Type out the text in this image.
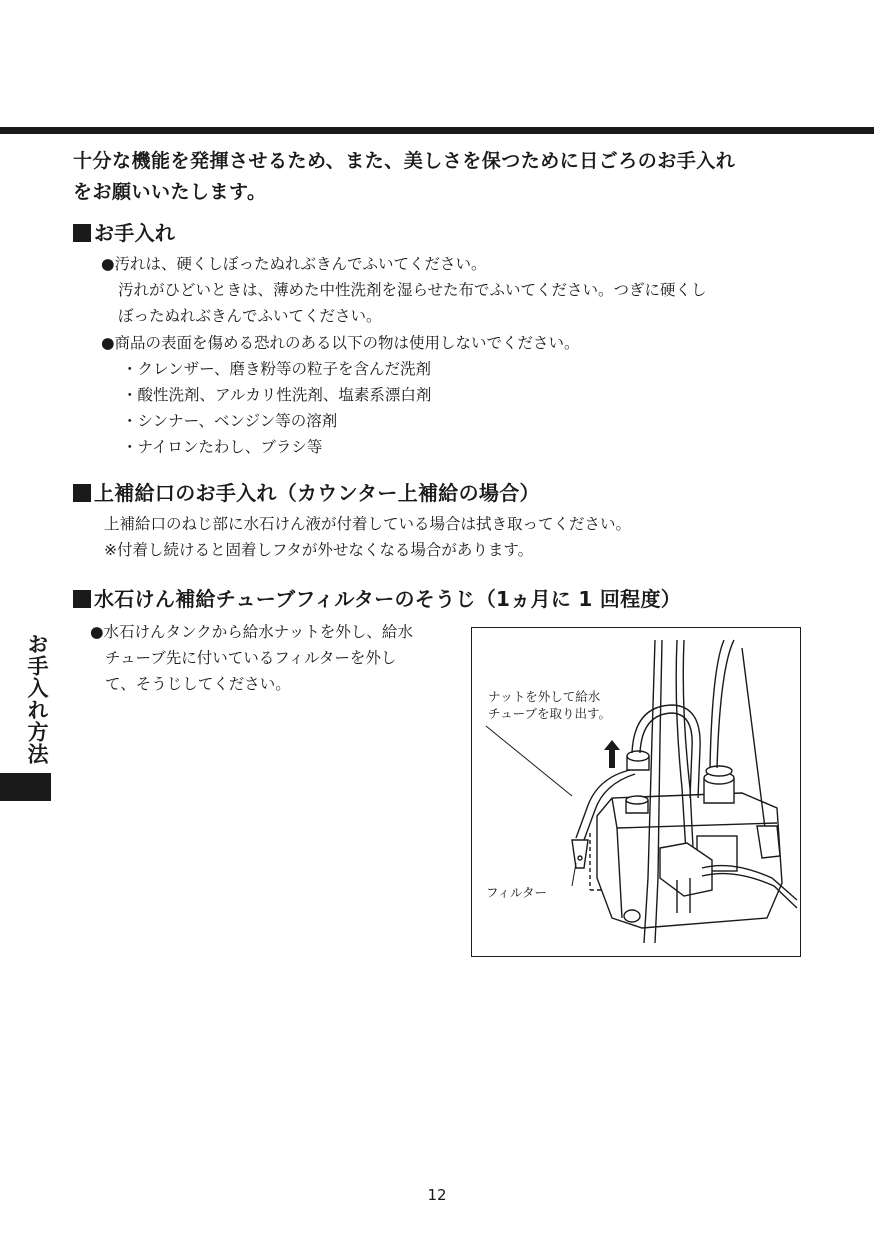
十分な機能を発揮させるため、また、美しさを保つために日ごろのお手入れ
をお願いいたします。
お手入れ
●汚れは、硬くしぼったぬれぶきんでふいてください。
汚れがひどいときは、薄めた中性洗剤を湿らせた布でふいてください。つぎに硬くし
ぼったぬれぶきんでふいてください。
●商品の表面を傷める恐れのある以下の物は使用しないでください。
・クレンザー、磨き粉等の粒子を含んだ洗剤
・酸性洗剤、アルカリ性洗剤、塩素系漂白剤
・シンナー、ベンジン等の溶剤
・ナイロンたわし、ブラシ等
上補給口のお手入れ（カウンター上補給の場合）
上補給口のねじ部に水石けん液が付着している場合は拭き取ってください。
※付着し続けると固着しフタが外せなくなる場合があります。
水石けん補給チューブフィルターのそうじ（1ヵ月に 1 回程度）
●水石けんタンクから給水ナットを外し、給水
チューブ先に付いているフィルターを外し
て、そうじしてください。
ナットを外して給水
チューブを取り出す。
フィルター
お手入れ方法
12
